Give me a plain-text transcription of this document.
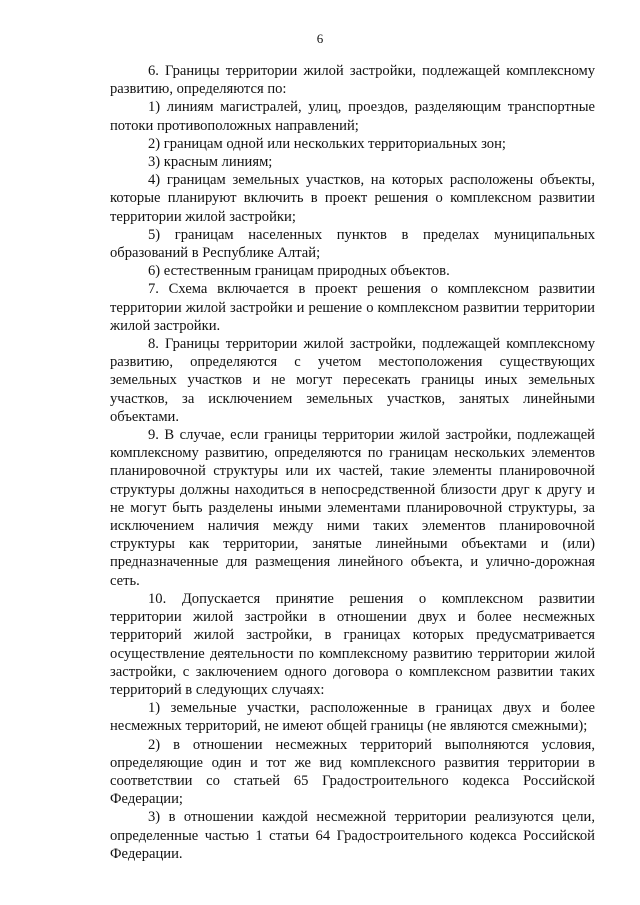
6

6. Границы территории жилой застройки, подлежащей комплексному развитию, определяются по:

1) линиям магистралей, улиц, проездов, разделяющим транспортные потоки противоположных направлений;

2) границам одной или нескольких территориальных зон;

3) красным линиям;

4) границам земельных участков, на которых расположены объекты, которые планируют включить в проект решения о комплексном развитии территории жилой застройки;

5) границам населенных пунктов в пределах муниципальных образований в Республике Алтай;

6) естественным границам природных объектов.

7. Схема включается в проект решения о комплексном развитии территории жилой застройки и решение о комплексном развитии территории жилой застройки.

8. Границы территории жилой застройки, подлежащей комплексному развитию, определяются с учетом местоположения существующих земельных участков и не могут пересекать границы иных земельных участков, за исключением земельных участков, занятых линейными объектами.

9. В случае, если границы территории жилой застройки, подлежащей комплексному развитию, определяются по границам нескольких элементов планировочной структуры или их частей, такие элементы планировочной структуры должны находиться в непосредственной близости друг к другу и не могут быть разделены иными элементами планировочной структуры, за исключением наличия между ними таких элементов планировочной структуры как территории, занятые линейными объектами и (или) предназначенные для размещения линейного объекта, и улично-дорожная сеть.

10. Допускается принятие решения о комплексном развитии территории жилой застройки в отношении двух и более несмежных территорий жилой застройки, в границах которых предусматривается осуществление деятельности по комплексному развитию территории жилой застройки, с заключением одного договора о комплексном развитии таких территорий в следующих случаях:

1) земельные участки, расположенные в границах двух и более несмежных территорий, не имеют общей границы (не являются смежными);

2) в отношении несмежных территорий выполняются условия, определяющие один и тот же вид комплексного развития территории в соответствии со статьей 65 Градостроительного кодекса Российской Федерации;

3) в отношении каждой несмежной территории реализуются цели, определенные частью 1 статьи 64 Градостроительного кодекса Российской Федерации.
